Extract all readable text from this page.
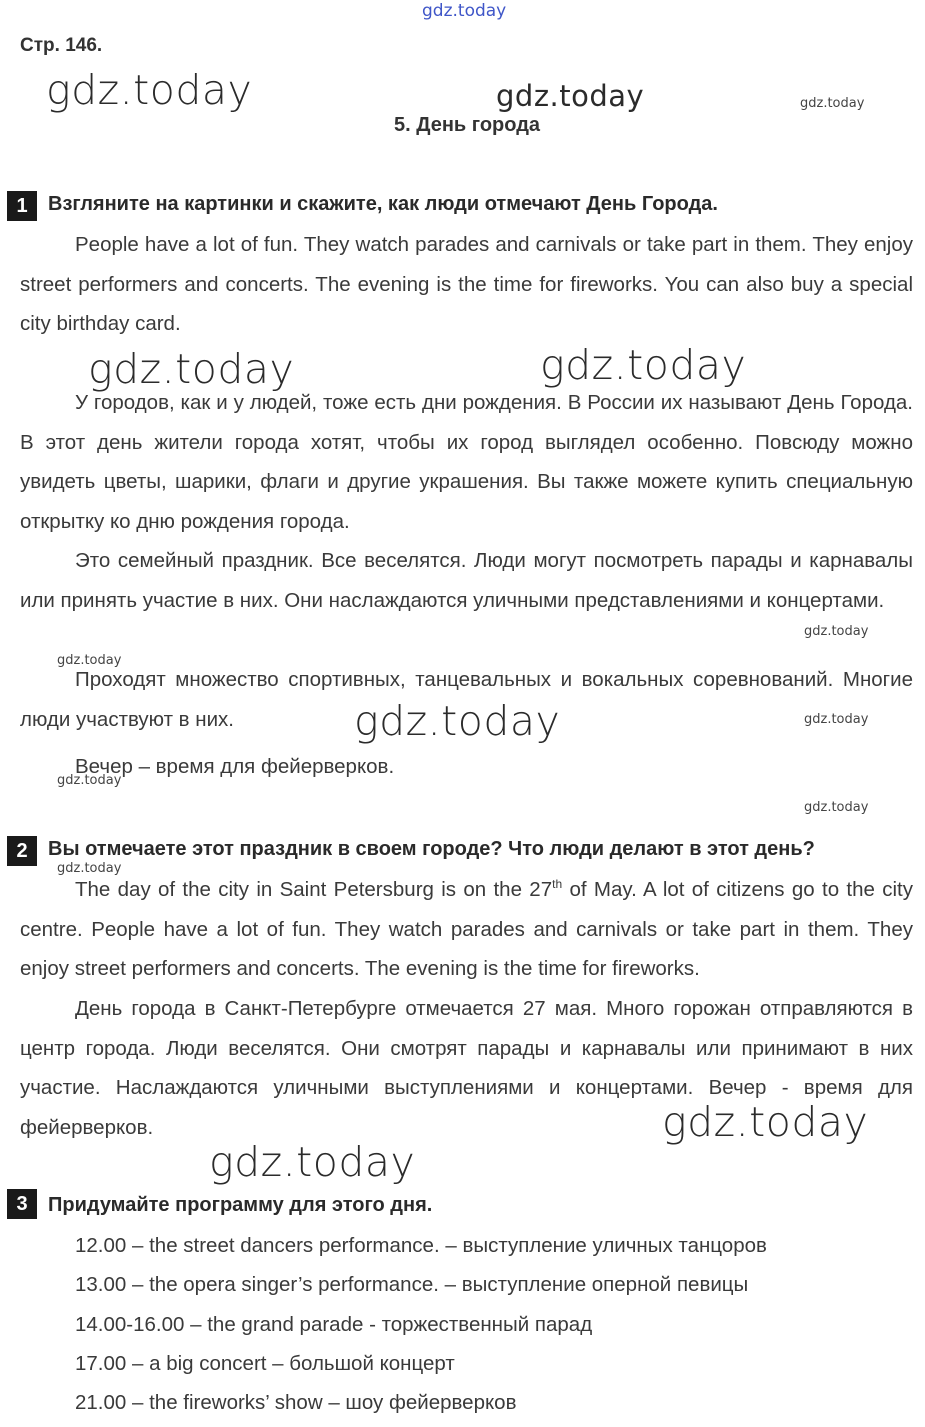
gdz.today
gdz.today	gdz.today	gdz.today
gdz.today	gdz.today
gdz.today
gdz.today
gdz.today	gdz.today
gdz.today
gdz.today
gdz.today
gdz.today
gdz.today
Стр. 146.
5. День города
1	Взгляните на картинки и скажите, как люди отмечают День Города.

People have a lot of fun. They watch parades and carnivals or take part in them. They enjoy street performers and concerts. The evening is the time for fireworks. You can also buy a special city birthday card.

У городов, как и у людей, тоже есть дни рождения. В России их называют День Города. В этот день жители города хотят, чтобы их город выглядел особенно. Повсюду можно увидеть цветы, шарики, флаги и другие украшения. Вы также можете купить специальную открытку ко дню рождения города.

Это семейный праздник. Все веселятся. Люди могут посмотреть парады и карнавалы или принять участие в них. Они наслаждаются уличными представлениями и концертами.

Проходят множество спортивных, танцевальных и вокальных соревнований. Многие люди участвуют в них.

Вечер – время для фейерверков.

2	Вы отмечаете этот праздник в своем городе? Что люди делают в этот день?

The day of the city in Saint Petersburg is on the 27th of May. A lot of citizens go to the city centre. People have a lot of fun. They watch parades and carnivals or take part in them. They enjoy street performers and concerts. The evening is the time for fireworks.

День города в Санкт-Петербурге отмечается 27 мая. Много горожан отправляются в центр города. Люди веселятся. Они смотрят парады и карнавалы или принимают в них участие. Наслаждаются уличными выступлениями и концертами. Вечер - время для фейерверков.

3	Придумайте программу для этого дня.
12.00 – the street dancers performance. – выступление уличных танцоров
13.00 – the opera singer’s performance. – выступление оперной певицы
14.00-16.00 – the grand parade - торжественный парад
17.00 – a big concert – большой концерт
21.00 – the fireworks’ show – шоу фейерверков
